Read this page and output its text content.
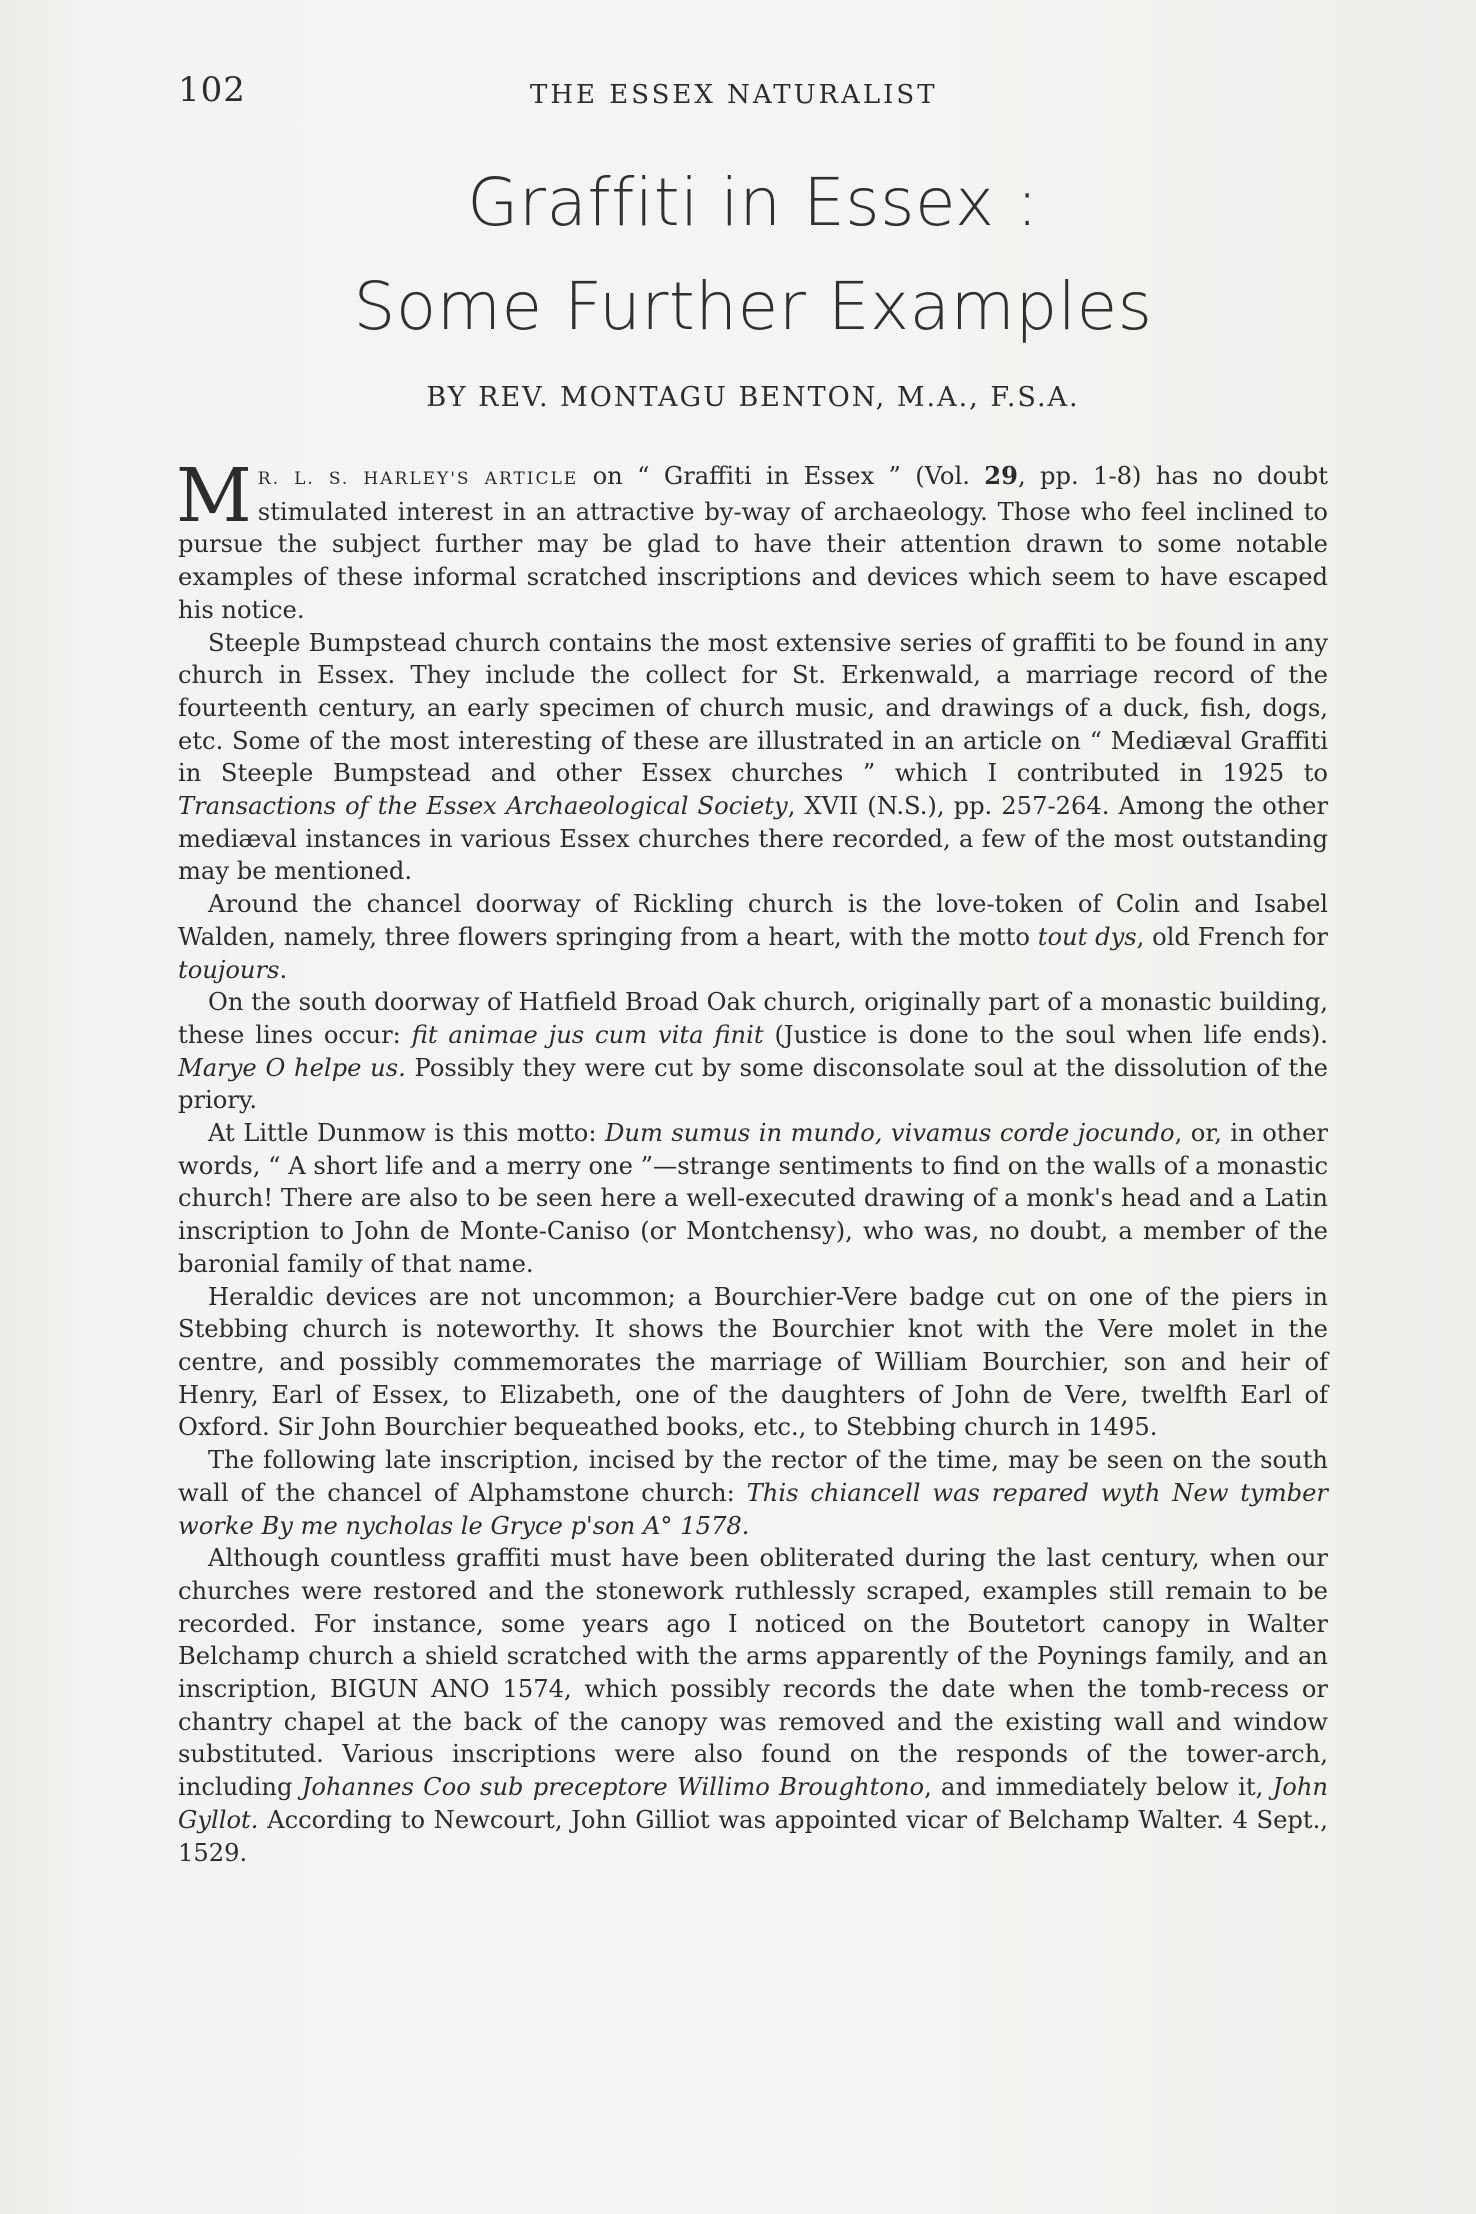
102	THE ESSEX NATURALIST
Graffiti in Essex :
Some Further Examples
BY REV. MONTAGU BENTON, M.A., F.S.A.

M R. L. S. HARLEY'S ARTICLE on “ Graffiti in Essex ” (Vol. 29, pp. 1-8) has no doubt stimulated interest in an attractive by-way of archaeology. Those who feel inclined to pursue the subject further may be glad to have their attention drawn to some notable examples of these informal scratched inscriptions and devices which seem to have escaped his notice.

Steeple Bumpstead church contains the most extensive series of graffiti to be found in any church in Essex. They include the collect for St. Erkenwald, a marriage record of the fourteenth century, an early specimen of church music, and drawings of a duck, fish, dogs, etc. Some of the most interesting of these are illustrated in an article on “ Mediæval Graffiti in Steeple Bumpstead and other Essex churches ” which I contributed in 1925 to Transactions of the Essex Archaeological Society, XVII (N.S.), pp. 257-264. Among the other mediæval instances in various Essex churches there recorded, a few of the most outstanding may be mentioned.

Around the chancel doorway of Rickling church is the love-token of Colin and Isabel Walden, namely, three flowers springing from a heart, with the motto tout dys, old French for toujours.

On the south doorway of Hatfield Broad Oak church, originally part of a monastic building, these lines occur: fit animae jus cum vita finit (Justice is done to the soul when life ends). Marye O helpe us. Possibly they were cut by some disconsolate soul at the dissolution of the priory.

At Little Dunmow is this motto: Dum sumus in mundo, vivamus corde jocundo, or, in other words, “ A short life and a merry one ”—strange sentiments to find on the walls of a monastic church! There are also to be seen here a well-executed drawing of a monk's head and a Latin inscription to John de Monte-Caniso (or Montchensy), who was, no doubt, a member of the baronial family of that name.

Heraldic devices are not uncommon; a Bourchier-Vere badge cut on one of the piers in Stebbing church is noteworthy. It shows the Bourchier knot with the Vere molet in the centre, and possibly commemorates the marriage of William Bourchier, son and heir of Henry, Earl of Essex, to Elizabeth, one of the daughters of John de Vere, twelfth Earl of Oxford. Sir John Bourchier bequeathed books, etc., to Stebbing church in 1495.

The following late inscription, incised by the rector of the time, may be seen on the south wall of the chancel of Alphamstone church: This chiancell was repared wyth New tymber worke By me nycholas le Gryce p'son A° 1578.

Although countless graffiti must have been obliterated during the last century, when our churches were restored and the stonework ruthlessly scraped, examples still remain to be recorded. For instance, some years ago I noticed on the Boutetort canopy in Walter Belchamp church a shield scratched with the arms apparently of the Poynings family, and an inscription, BIGUN ANO 1574, which possibly records the date when the tomb-recess or chantry chapel at the back of the canopy was removed and the existing wall and window substituted. Various inscriptions were also found on the responds of the tower-arch, including Johannes Coo sub preceptore Willimo Broughtono, and immediately below it, John Gyllot. According to Newcourt, John Gilliot was appointed vicar of Belchamp Walter. 4 Sept., 1529.
